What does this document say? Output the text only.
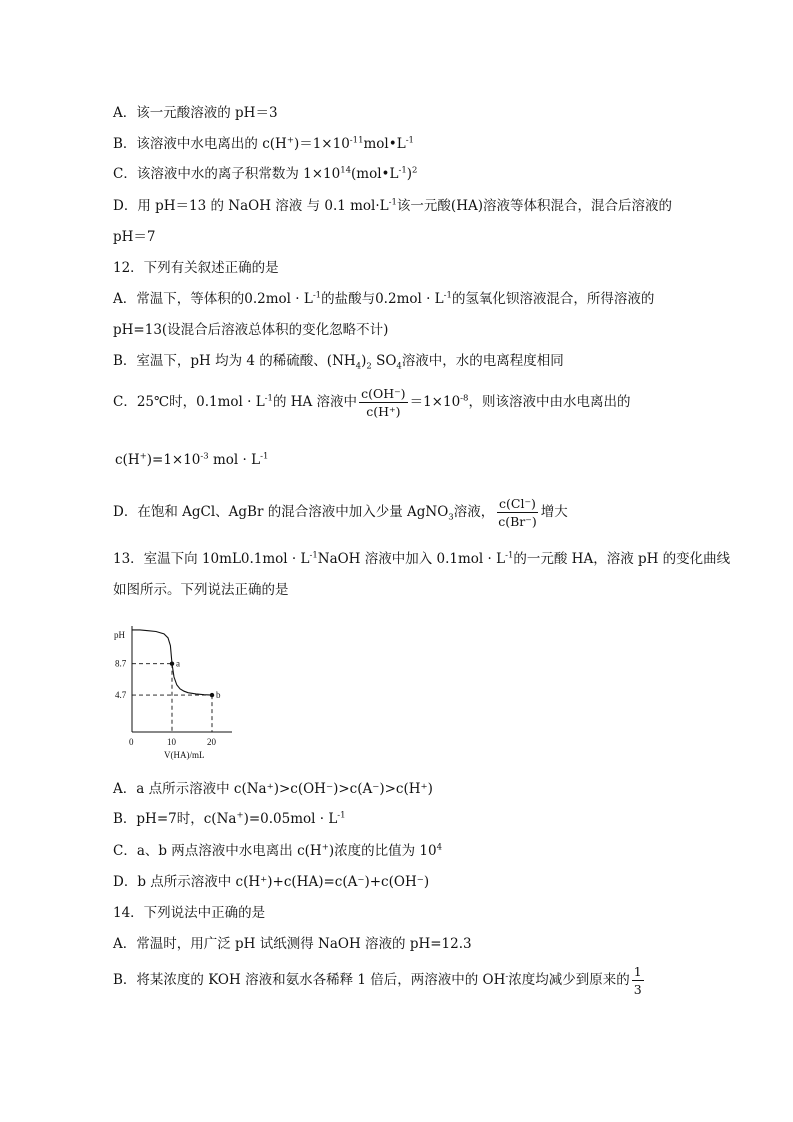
A．该一元酸溶液的 pH＝3
B．该溶液中水电离出的 $c(H^+)=1\times 10^{-11}mol•L^{-1}$
C．该溶液中水的离子积常数为 $1\times 10^{14}(mol•L^{-1})^2$
D．用 pH＝13 的 NaOH 溶液 与 0.1 $mol\cdot L^{-1}$该一元酸(HA)溶液等体积混合，混合后溶液的
pH＝7
12．下列有关叙述正确的是
A．常温下，等体积的$0.2mol \cdot L^{-1}$的盐酸与$0.2mol \cdot L^{-1}$的氢氧化钡溶液混合，所得溶液的
pH=13(设混合后溶液总体积的变化忽略不计)
B．室温下，pH 均为 4 的稀硫酸、$(NH_4)_2$ $SO_4$溶液中，水的电离程度相同
C．25℃时，$0.1mol \cdot L^{-1}$的 HA 溶液中 $\frac{c(OH^-)}{c(H^+)} =1\times 10^{-8}$，则该溶液中由水电离出的
$c(H^+)=1\times 10^{-3}$ mol · $L^{-1}$
D．在饱和 AgCl、AgBr 的混合溶液中加入少量 AgNO$_3$溶液， $\frac{c(Cl^-)}{c(Br^-)}$ 增大
13．室温下向 $10mL0.1mol \cdot L^{-1}NaOH$ 溶液中加入 $0.1mol \cdot L^{-1}$的一元酸 HA，溶液 pH 的变化曲线
如图所示。下列说法正确的是
pH
0
V(HA)/mL
a
8.7
10
b
4.7
20
A．a 点所示溶液中 c(Na⁺)>c(OH⁻)>c(A⁻)>c(H⁺)
B．pH=7时，$c(Na^+)=0.05mol \cdot L^{-1}$
C．a、b 两点溶液中水电离出 c(H+)浓度的比值为 $10^4$
D．b 点所示溶液中 c(H⁺)+c(HA)=c(A⁻)+c(OH⁻)
14．下列说法中正确的是
A．常温时，用广泛 pH 试纸测得 NaOH 溶液的 pH=12.3
B．将某浓度的 KOH 溶液和氨水各稀释 1 倍后，两溶液中的 OH-浓度均减少到原来的 $\frac{1}{3}$
